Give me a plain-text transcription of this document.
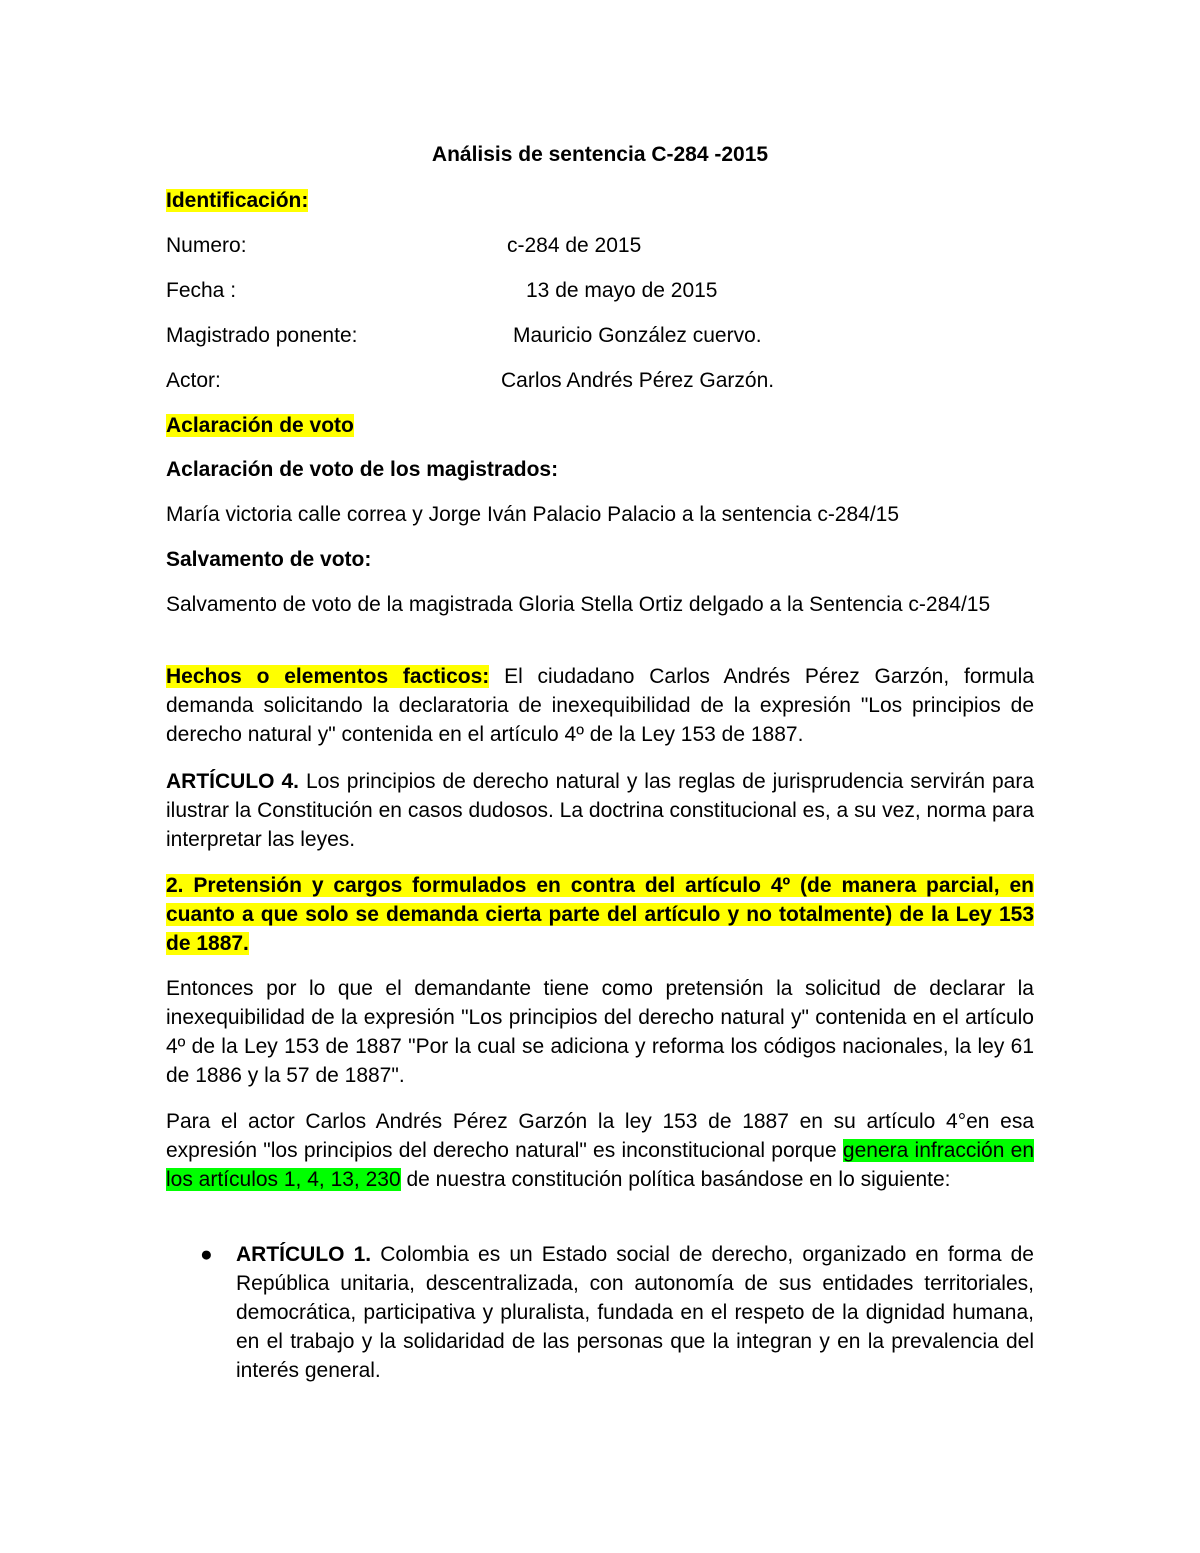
Análisis de sentencia C-284 -2015
Identificación:
Numero:	c-284 de 2015
Fecha :	13 de mayo de 2015
Magistrado ponente:	Mauricio González cuervo.
Actor:	Carlos Andrés Pérez Garzón.
Aclaración de voto
Aclaración de voto de los magistrados:
María victoria calle correa y Jorge Iván Palacio Palacio a la sentencia c-284/15
Salvamento de voto:
Salvamento de voto de la magistrada Gloria Stella Ortiz delgado a la Sentencia c-284/15
Hechos o elementos facticos: El ciudadano Carlos Andrés Pérez Garzón, formula demanda solicitando la declaratoria de inexequibilidad de la expresión "Los principios de derecho natural y" contenida en el artículo 4º de la Ley 153 de 1887.
ARTÍCULO 4. Los principios de derecho natural y las reglas de jurisprudencia servirán para ilustrar la Constitución en casos dudosos. La doctrina constitucional es, a su vez, norma para interpretar las leyes.
2. Pretensión y cargos formulados en contra del artículo 4º (de manera parcial, en cuanto a que solo se demanda cierta parte del artículo y no totalmente) de la Ley 153 de 1887.
Entonces por lo que el demandante tiene como pretensión la solicitud de declarar la inexequibilidad de la expresión "Los principios del derecho natural y" contenida en el artículo 4º de la Ley 153 de 1887 "Por la cual se adiciona y reforma los códigos nacionales, la ley 61 de 1886 y la 57 de 1887".
Para el actor Carlos Andrés Pérez Garzón la ley 153 de 1887 en su artículo 4°en esa expresión "los principios del derecho natural" es inconstitucional porque genera infracción en los artículos 1, 4, 13, 230 de nuestra constitución política basándose en lo siguiente:
● ARTÍCULO 1. Colombia es un Estado social de derecho, organizado en forma de República unitaria, descentralizada, con autonomía de sus entidades territoriales, democrática, participativa y pluralista, fundada en el respeto de la dignidad humana, en el trabajo y la solidaridad de las personas que la integran y en la prevalencia del interés general.
